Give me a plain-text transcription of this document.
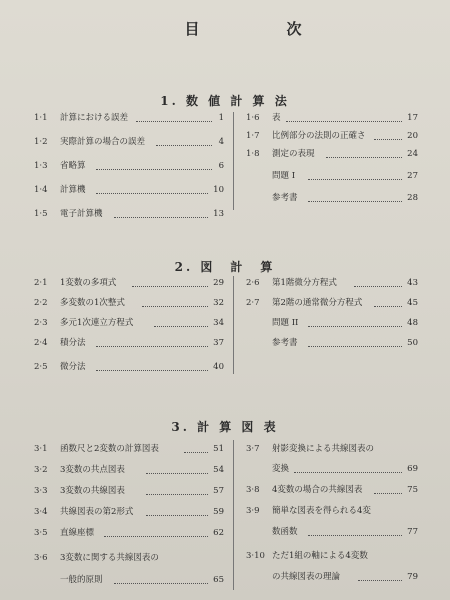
目　次
1. 数 値 計 算 法
1·1	計算における誤差	1
1·2	実際計算の場合の誤差	4
1·3	省略算	6
1·4	計算機	10
1·5	電子計算機	13
1·6	表	17
1·7	比例部分の法則の正確さ	20
1·8	測定の表現	24
問題 I	27
参考書	28
2. 図　計　算
2·1	1変数の多項式	29
2·2	多変数の1次整式	32
2·3	多元1次連立方程式	34
2·4	積分法	37
2·5	微分法	40
2·6	第1階微分方程式	43
2·7	第2階の通常微分方程式	45
問題 II	48
参考書	50
3. 計 算 図 表
3·1	函数尺と2変数の計算図表	51
3·2	3変数の共点図表	54
3·3	3変数の共線図表	57
3·4	共線図表の第2形式	59
3·5	直線座標	62
3·6	3変数に関する共線図表の
一般的原則	65
3·7	射影変換による共線図表の
変換	69
3·8	4変数の場合の共線図表	75
3·9	簡単な図表を得られる4変
数函数	77
3·10 ただ1組の軸による4変数
の共線図表の理論	79
